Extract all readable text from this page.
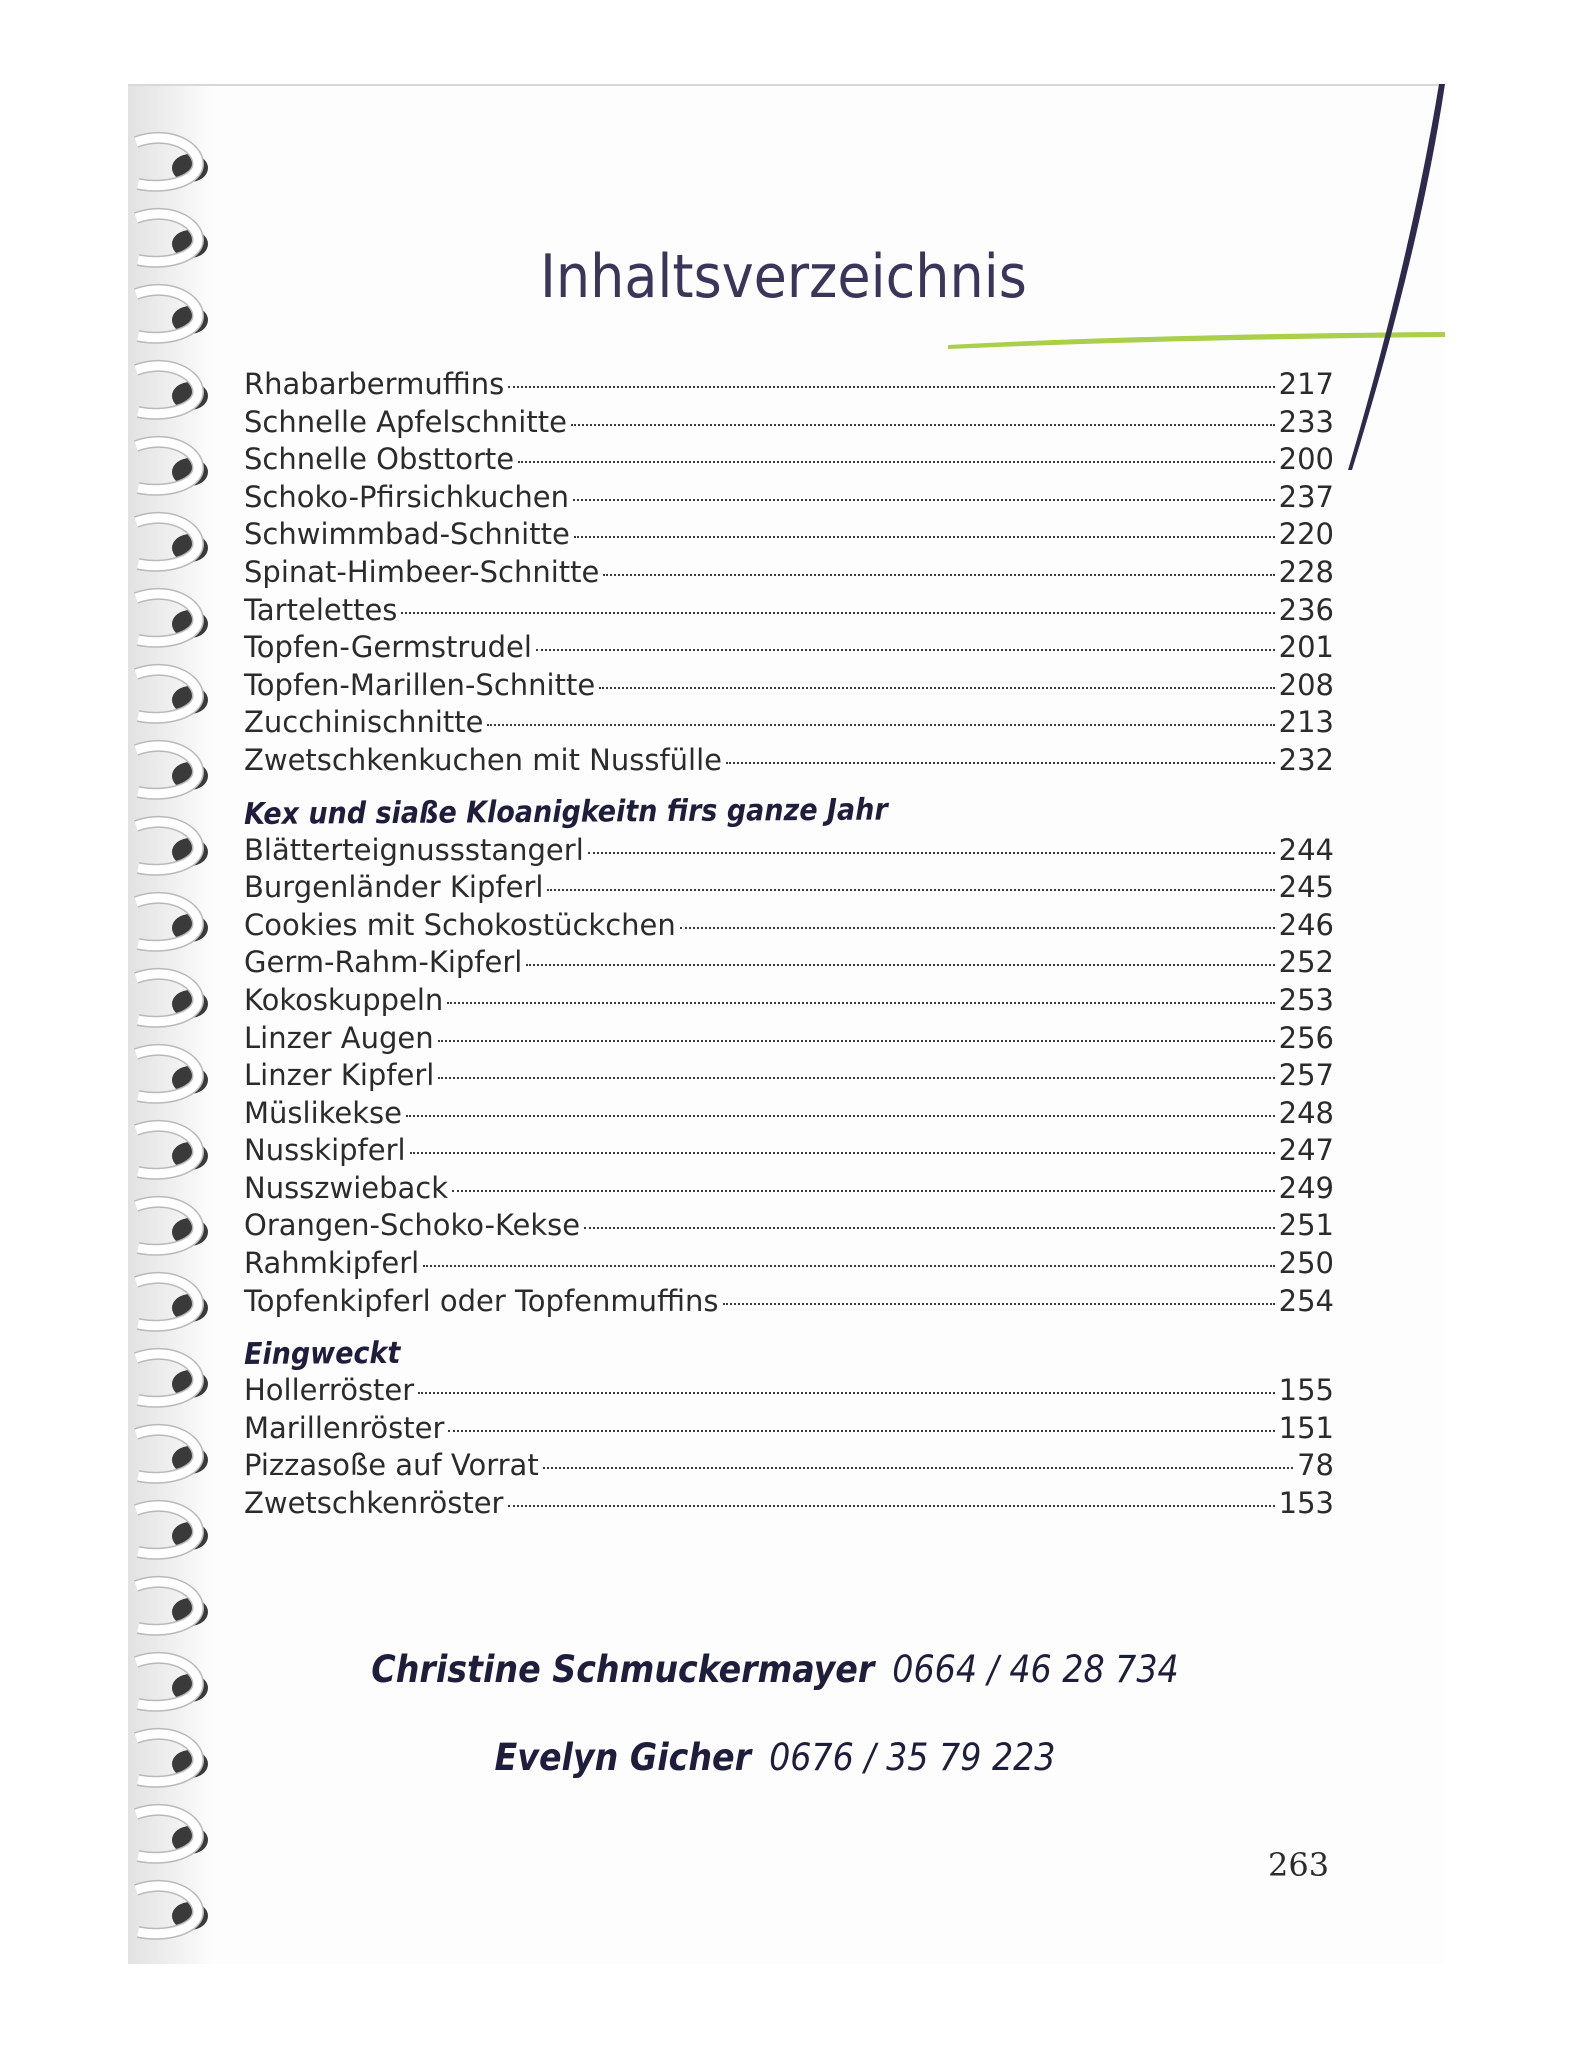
Inhaltsverzeichnis
Rhabarbermuffins	217
Schnelle Apfelschnitte	233
Schnelle Obsttorte	200
Schoko-Pfirsichkuchen	237
Schwimmbad-Schnitte	220
Spinat-Himbeer-Schnitte	228
Tartelettes	236
Topfen-Germstrudel	201
Topfen-Marillen-Schnitte	208
Zucchinischnitte	213
Zwetschkenkuchen mit Nussfülle	232
Kex und siaße Kloanigkeitn firs ganze Jahr
Blätterteignussstangerl	244
Burgenländer Kipferl	245
Cookies mit Schokostückchen	246
Germ-Rahm-Kipferl	252
Kokoskuppeln	253
Linzer Augen	256
Linzer Kipferl	257
Müslikekse	248
Nusskipferl	247
Nusszwieback	249
Orangen-Schoko-Kekse	251
Rahmkipferl	250
Topfenkipferl oder Topfenmuffins	254
Eingweckt
Hollerröster	155
Marillenröster	151
Pizzasoße auf Vorrat	78
Zwetschkenröster	153
Christine Schmuckermayer 0664 / 46 28 734
Evelyn Gicher 0676 / 35 79 223
263
